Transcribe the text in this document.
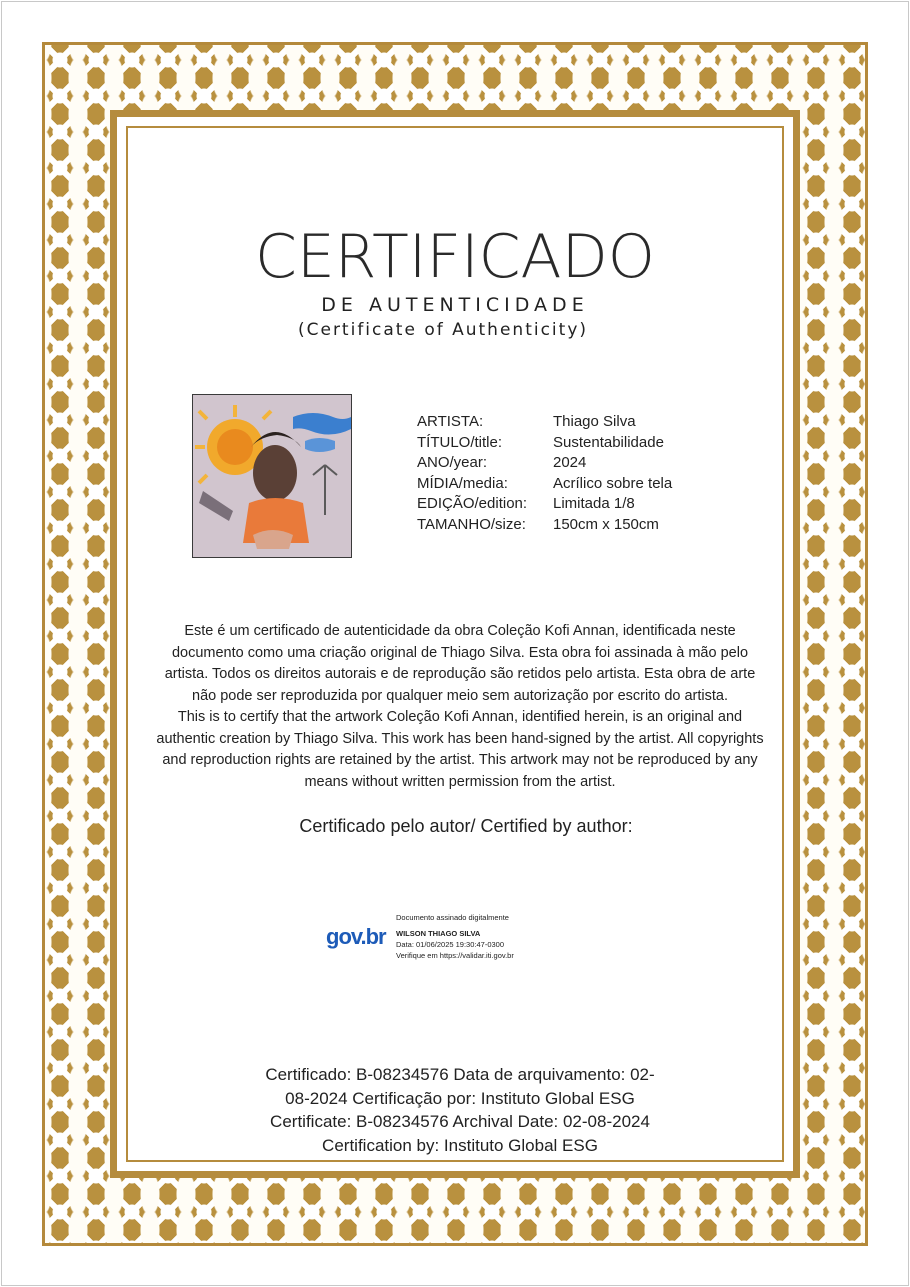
CERTIFICADO
DE AUTENTICIDADE
(Certificate of Authenticity)
ARTISTA:	Thiago Silva
TÍTULO/title:	Sustentabilidade
ANO/year:	2024
MÍDIA/media:	Acrílico sobre tela
EDIÇÃO/edition:	Limitada 1/8
TAMANHO/size:	150cm x 150cm

Este é um certificado de autenticidade da obra Coleção Kofi Annan, identificada neste documento como uma criação original de Thiago Silva. Esta obra foi assinada à mão pelo artista. Todos os direitos autorais e de reprodução são retidos pelo artista. Esta obra de arte não pode ser reproduzida por qualquer meio sem autorização por escrito do artista.

This is to certify that the artwork Coleção Kofi Annan, identified herein, is an original and authentic creation by Thiago Silva. This work has been hand-signed by the artist. All copyrights and reproduction rights are retained by the artist. This artwork may not be reproduced by any means without written permission from the artist.

Certificado pelo autor/ Certified by author:
gov.br
Documento assinado digitalmente
WILSON THIAGO SILVA
Data: 01/06/2025 19:30:47-0300
Verifique em https://validar.iti.gov.br

Certificado: B-08234576 Data de arquivamento: 02-08-2024 Certificação por: Instituto Global ESG

Certificate: B-08234576 Archival Date: 02-08-2024 Certification by: Instituto Global ESG
